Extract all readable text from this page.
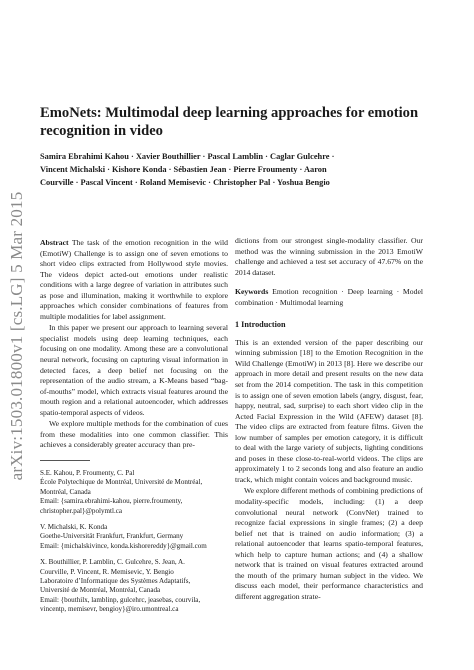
arXiv:1503.01800v1 [cs.LG] 5 Mar 2015
EmoNets: Multimodal deep learning approaches for emotion recognition in video
Samira Ebrahimi Kahou · Xavier Bouthillier · Pascal Lamblin · Caglar Gulcehre ·
Vincent Michalski · Kishore Konda · Sébastien Jean · Pierre Froumenty · Aaron
Courville · Pascal Vincent · Roland Memisevic · Christopher Pal · Yoshua Bengio

Abstract The task of the emotion recognition in the wild (EmotiW) Challenge is to assign one of seven emotions to short video clips extracted from Hollywood style movies. The videos depict acted-out emotions under realistic conditions with a large degree of variation in attributes such as pose and illumination, making it worthwhile to explore approaches which consider combinations of features from multiple modalities for label assignment.

In this paper we present our approach to learning several specialist models using deep learning techniques, each focusing on one modality. Among these are a convolutional neural network, focusing on capturing visual information in detected faces, a deep belief net focusing on the representation of the audio stream, a K-Means based “bag-of-mouths” model, which extracts visual features around the mouth region and a relational autoencoder, which addresses spatio-temporal aspects of videos.

We explore multiple methods for the combination of cues from these modalities into one common classifier. This achieves a considerably greater accuracy than pre-

dictions from our strongest single-modality classifier. Our method was the winning submission in the 2013 EmotiW challenge and achieved a test set accuracy of 47.67% on the 2014 dataset.

Keywords Emotion recognition · Deep learning · Model combination · Multimodal learning

1 Introduction

This is an extended version of the paper describing our winning submission [18] to the Emotion Recognition in the Wild Challenge (EmotiW) in 2013 [8]. Here we describe our approach in more detail and present results on the new data set from the 2014 competition. The task in this competition is to assign one of seven emotion labels (angry, disgust, fear, happy, neutral, sad, surprise) to each short video clip in the Acted Facial Expression in the Wild (AFEW) dataset [8]. The video clips are extracted from feature films. Given the low number of samples per emotion category, it is difficult to deal with the large variety of subjects, lighting conditions and poses in these close-to-real-world videos. The clips are approximately 1 to 2 seconds long and also feature an audio track, which might contain voices and background music.

We explore different methods of combining predictions of modality-specific models, including: (1) a deep convolutional neural network (ConvNet) trained to recognize facial expressions in single frames; (2) a deep belief net that is trained on audio information; (3) a relational autoencoder that learns spatio-temporal features, which help to capture human actions; and (4) a shallow network that is trained on visual features extracted around the mouth of the primary human subject in the video. We discuss each model, their performance characteristics and different aggregation strate-

S.E. Kahou, P. Froumenty, C. Pal
École Polytechique de Montréal, Université de Montréal,
Montréal, Canada
Email: {samira.ebrahimi-kahou, pierre.froumenty,
christopher.pal}@polymtl.ca
V. Michalski, K. Konda
Goethe-Universität Frankfurt, Frankfurt, Germany
Email: {michalskivince, konda.kishorereddy}@gmail.com
X. Bouthillier, P. Lamblin, C. Gulcehre, S. Jean, A.
Courville, P. Vincent, R. Memisevic, Y. Bengio
Laboratoire d’Informatique des Systèmes Adaptatifs,
Université de Montréal, Montréal, Canada
Email: {bouthilx, lamblinp, gulcehrc, jeasebas, courvila,
vincentp, memisevr, bengioy}@iro.umontreal.ca
